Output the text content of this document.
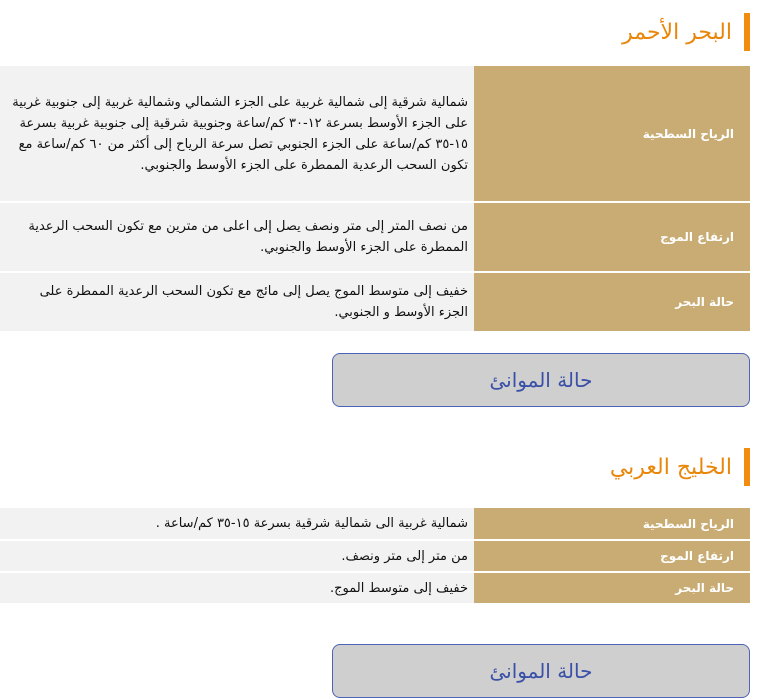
البحر الأحمر
الرياح السطحية	شمالية شرقية إلى شمالية غربية على الجزء الشمالي وشمالية غربية إلى جنوبية غربية على الجزء الأوسط بسرعة ١٢-٣٠ كم/ساعة وجنوبية شرقية إلى جنوبية غربية بسرعة ١٥-٣٥ كم/ساعة على الجزء الجنوبي تصل سرعة الرياح إلى أكثر من ٦٠ كم/ساعة مع تكون السحب الرعدية الممطرة على الجزء الأوسط والجنوبي.
ارتفاع الموج	من نصف المتر إلى متر ونصف يصل إلى اعلى من مترين مع تكون السحب الرعدية الممطرة على الجزء الأوسط والجنوبي.
حالة البحر	خفيف إلى متوسط الموج يصل إلى مائج مع تكون السحب الرعدية الممطرة على الجزء الأوسط و الجنوبي.
حالة الموانئ
الخليج العربي
الرياح السطحية	شمالية غربية الى شمالية شرقية بسرعة ١٥-٣٥ كم/ساعة .
ارتفاع الموج	من متر إلى متر ونصف.
حالة البحر	خفيف إلى متوسط الموج.
حالة الموانئ
